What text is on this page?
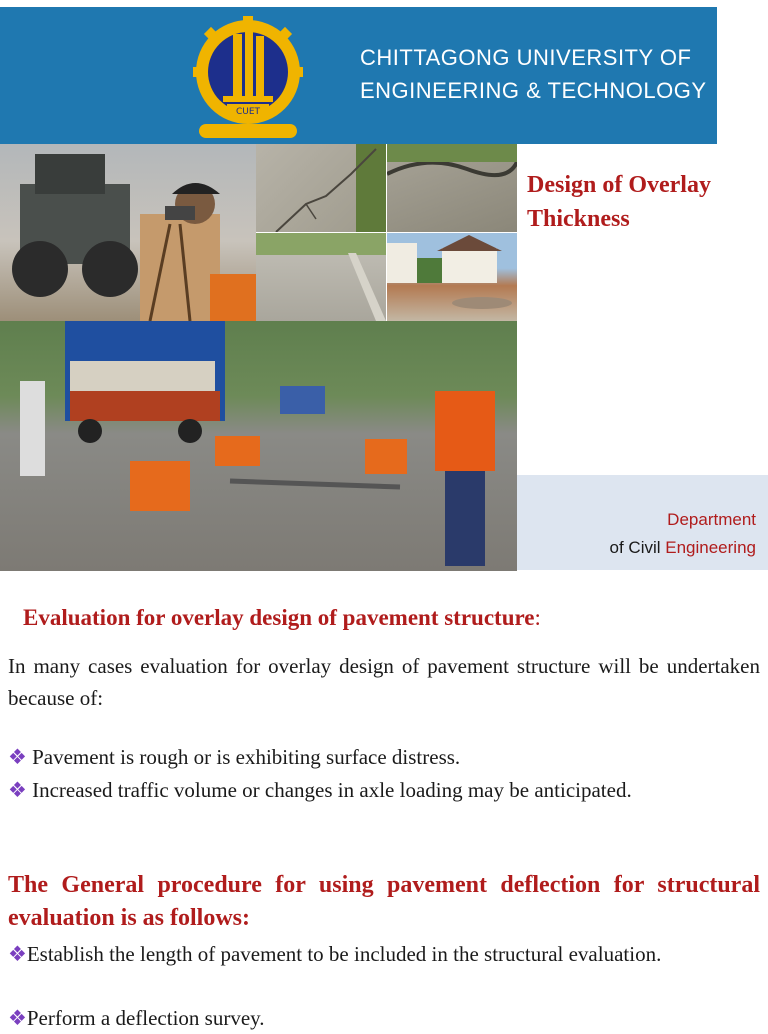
CUET
CHITTAGONG UNIVERSITY OF
ENGINEERING & TECHNOLOGY
Design of Overlay
Thickness
Department
of Civil Engineering
Evaluation for overlay design of pavement structure:
In many cases evaluation for overlay design of pavement structure will be undertaken because of:
❖ Pavement is rough or is exhibiting surface distress.
❖ Increased traffic volume or changes in axle loading may be anticipated.
The General procedure for using pavement deflection for structural evaluation is as follows:
❖Establish the length of pavement to be included in the structural evaluation.
❖Perform a deflection survey.
